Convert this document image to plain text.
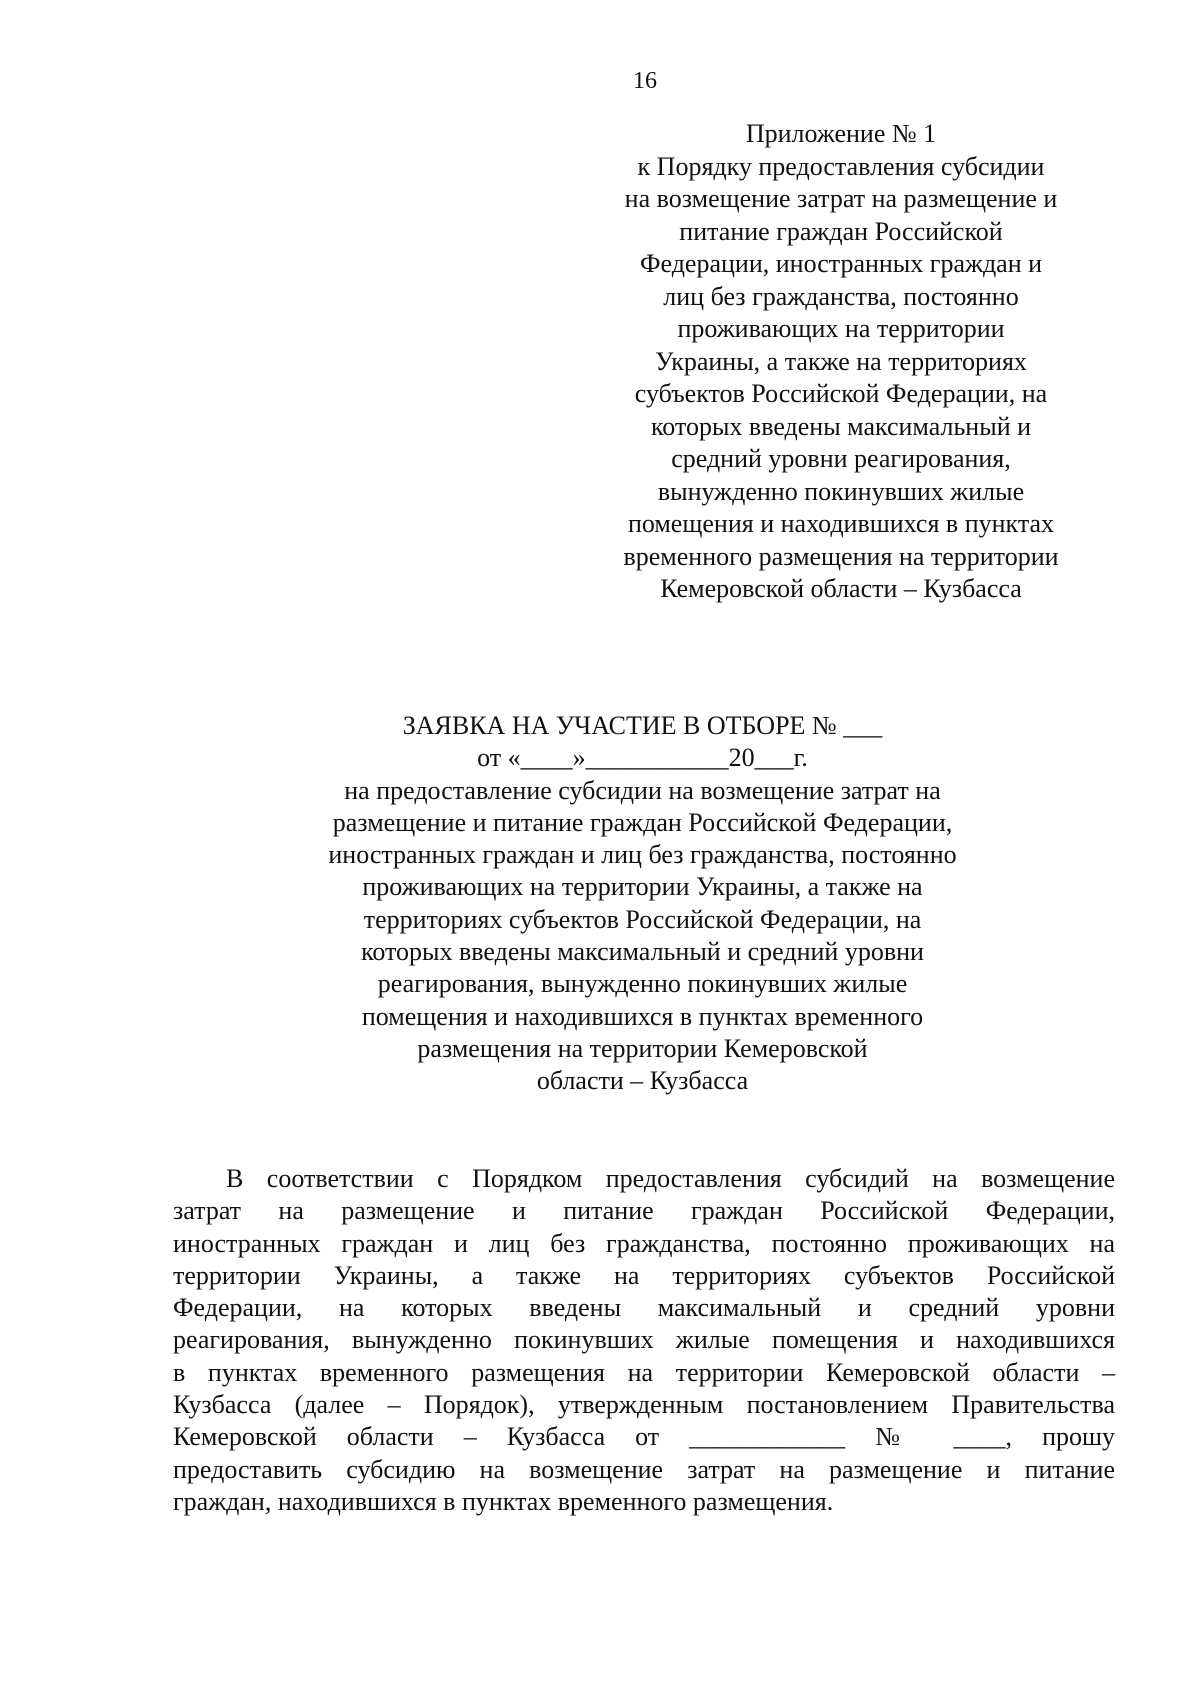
16
Приложение № 1
к Порядку предоставления субсидии
на возмещение затрат на размещение и
питание граждан Российской
Федерации, иностранных граждан и
лиц без гражданства, постоянно
проживающих на территории
Украины, а также на территориях
субъектов Российской Федерации, на
которых введены максимальный и
средний уровни реагирования,
вынужденно покинувших жилые
помещения и находившихся в пунктах
временного размещения на территории
Кемеровской области – Кузбасса
ЗАЯВКА НА УЧАСТИЕ В ОТБОРЕ № ___
от «____»___________20___г.
на предоставление субсидии на возмещение затрат на
размещение и питание граждан Российской Федерации,
иностранных граждан и лиц без гражданства, постоянно
проживающих на территории Украины, а также на
территориях субъектов Российской Федерации, на
которых введены максимальный и средний уровни
реагирования, вынужденно покинувших жилые
помещения и находившихся в пунктах временного
размещения на территории Кемеровской
области – Кузбасса
В соответствии с Порядком предоставления субсидий на возмещение
затрат на размещение и питание граждан Российской Федерации,
иностранных граждан и лиц без гражданства, постоянно проживающих на
территории Украины, а также на территориях субъектов Российской
Федерации, на которых введены максимальный и средний уровни
реагирования, вынужденно покинувших жилые помещения и находившихся
в пунктах временного размещения на территории Кемеровской области –
Кузбасса (далее – Порядок), утвержденным постановлением Правительства
Кемеровской области – Кузбасса от ____________ № ____, прошу
предоставить субсидию на возмещение затрат на размещение и питание
граждан, находившихся в пунктах временного размещения.
